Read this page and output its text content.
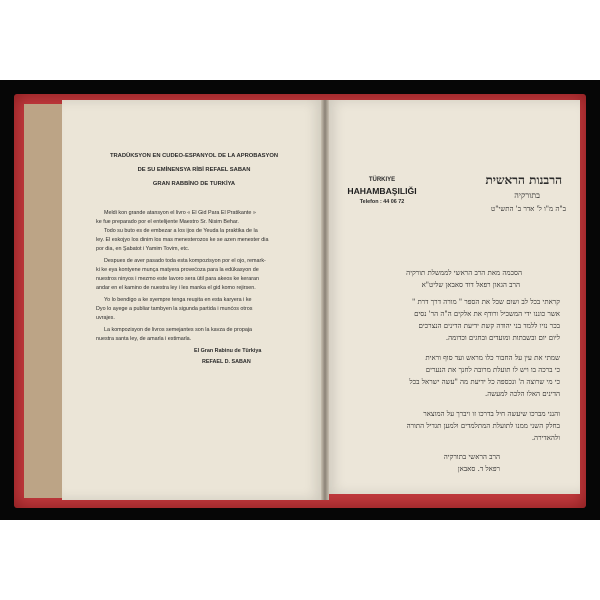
TRADÜKSYON EN CUDEO-ESPANYOL DE LA APROBASYON
DE SU EMİNENSYA RİBİ REFAEL SABAN
GRAN RABBİNO DE TURKİYA
Meldi kon grande atansyon el livro « El Gid Para El Pratikante »
ke fue preparado por el entelijente Maestro Sr. Nisim Behar.
Todo su buto es de embezar a los ijos de Yeuda la praktika de la
ley. El eskojyo los dinim los mas menesterozos ke se azen menester dia
por dia, en Şabatot i Yamim Tovim, etc.
Despues de aver pasado toda esta kompozisyon por el ojo, remark-
ki ke eya kontyene munça matyera provećoza para la edükasyon de
nuestros ninyos i mezmo este lavoro sera ütil para akeos ke keraran
andar en el kamino de nuestra ley i les manka el gid komo rejirsen.
Yo lo bendigo a ke syempre tenga reuşita en esta karyera i ke
Dyo lo ayege a publiar tambyen la sigunda partida i munćos otros
uvrajes.
La kompozisyon de livros semejantes son la kavza de propaja
nuestra santa ley, de amarla i estimarla.
El Gran Rabinu de Türkiya
REFAEL D. SABAN
TÜRKIYE
HAHAMBAŞILIĞI
Telefon : 44 06 72
הרבנות הראשית
בתורקיה
ב"ה מ"ו ל' אדר ב' התשי"ט
הסכמה מאת הרב הראשי לממשלת תורקיה
הרב הגאון רפאל דוד סאבאן שליט"א
קראתי בכל לב ושום שכל את הספר " מורה דרך דרת "
אשר כוננו ידי המשכיל ורודף את אלקים ה"ה הר' נסים
בכר נזיו ללמד בני יהודה קשת ידיעת הדינים הנצרכים
ליום יום ובשבתות ומועדים ובחגים וכדומה.
שמתי את עין על החבור כלו מראש ועד סוף וראית
כי ברכה בו ויש לו תועלת מרובה לחנך את הנערים
כי מי שרוצה ה' ונכספה כל ידיעת מה "עשה ישראל בכל
הדינים האלו הלכה למעשה.
והנני מברכו שיעשה חיל בדרכו זו ויברך על המוצאר
בחלק השני ממנו לתועלת המתלמדים ולמען תגדיל התורה
ולהאדירה.
הרב הראשי בתורקיה
רפאל ד. סאבאן
